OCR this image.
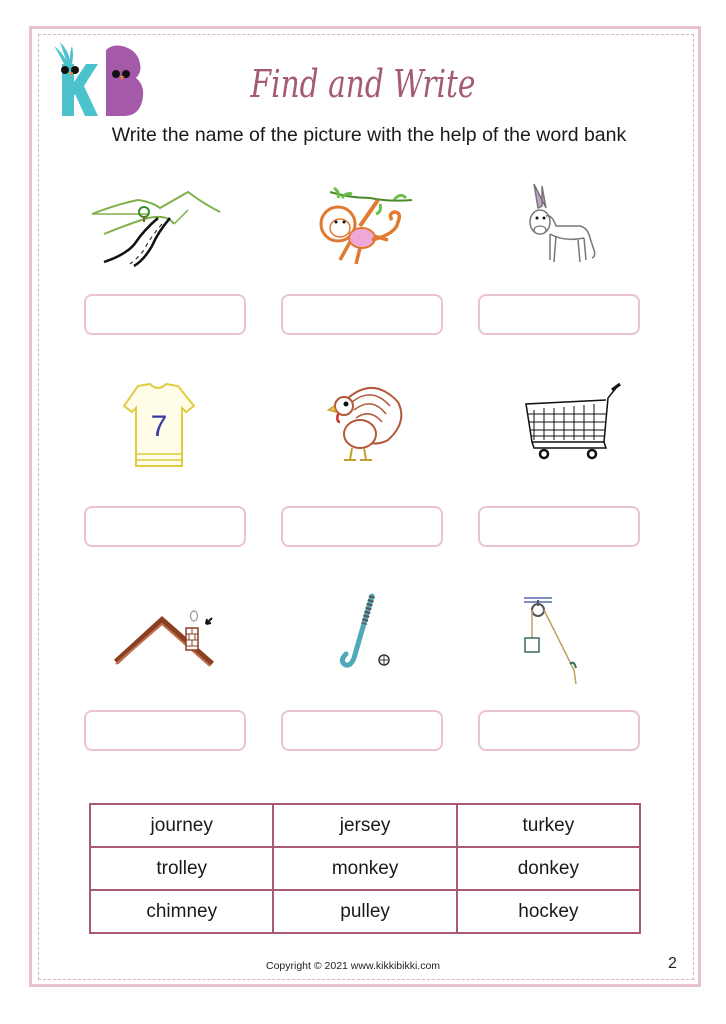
Find and Write
Write the name of the picture with the help of the word bank
7
journey	jersey	turkey
trolley	monkey	donkey
chimney	pulley	hockey
Copyright © 2021 www.kikkibikki.com	2
